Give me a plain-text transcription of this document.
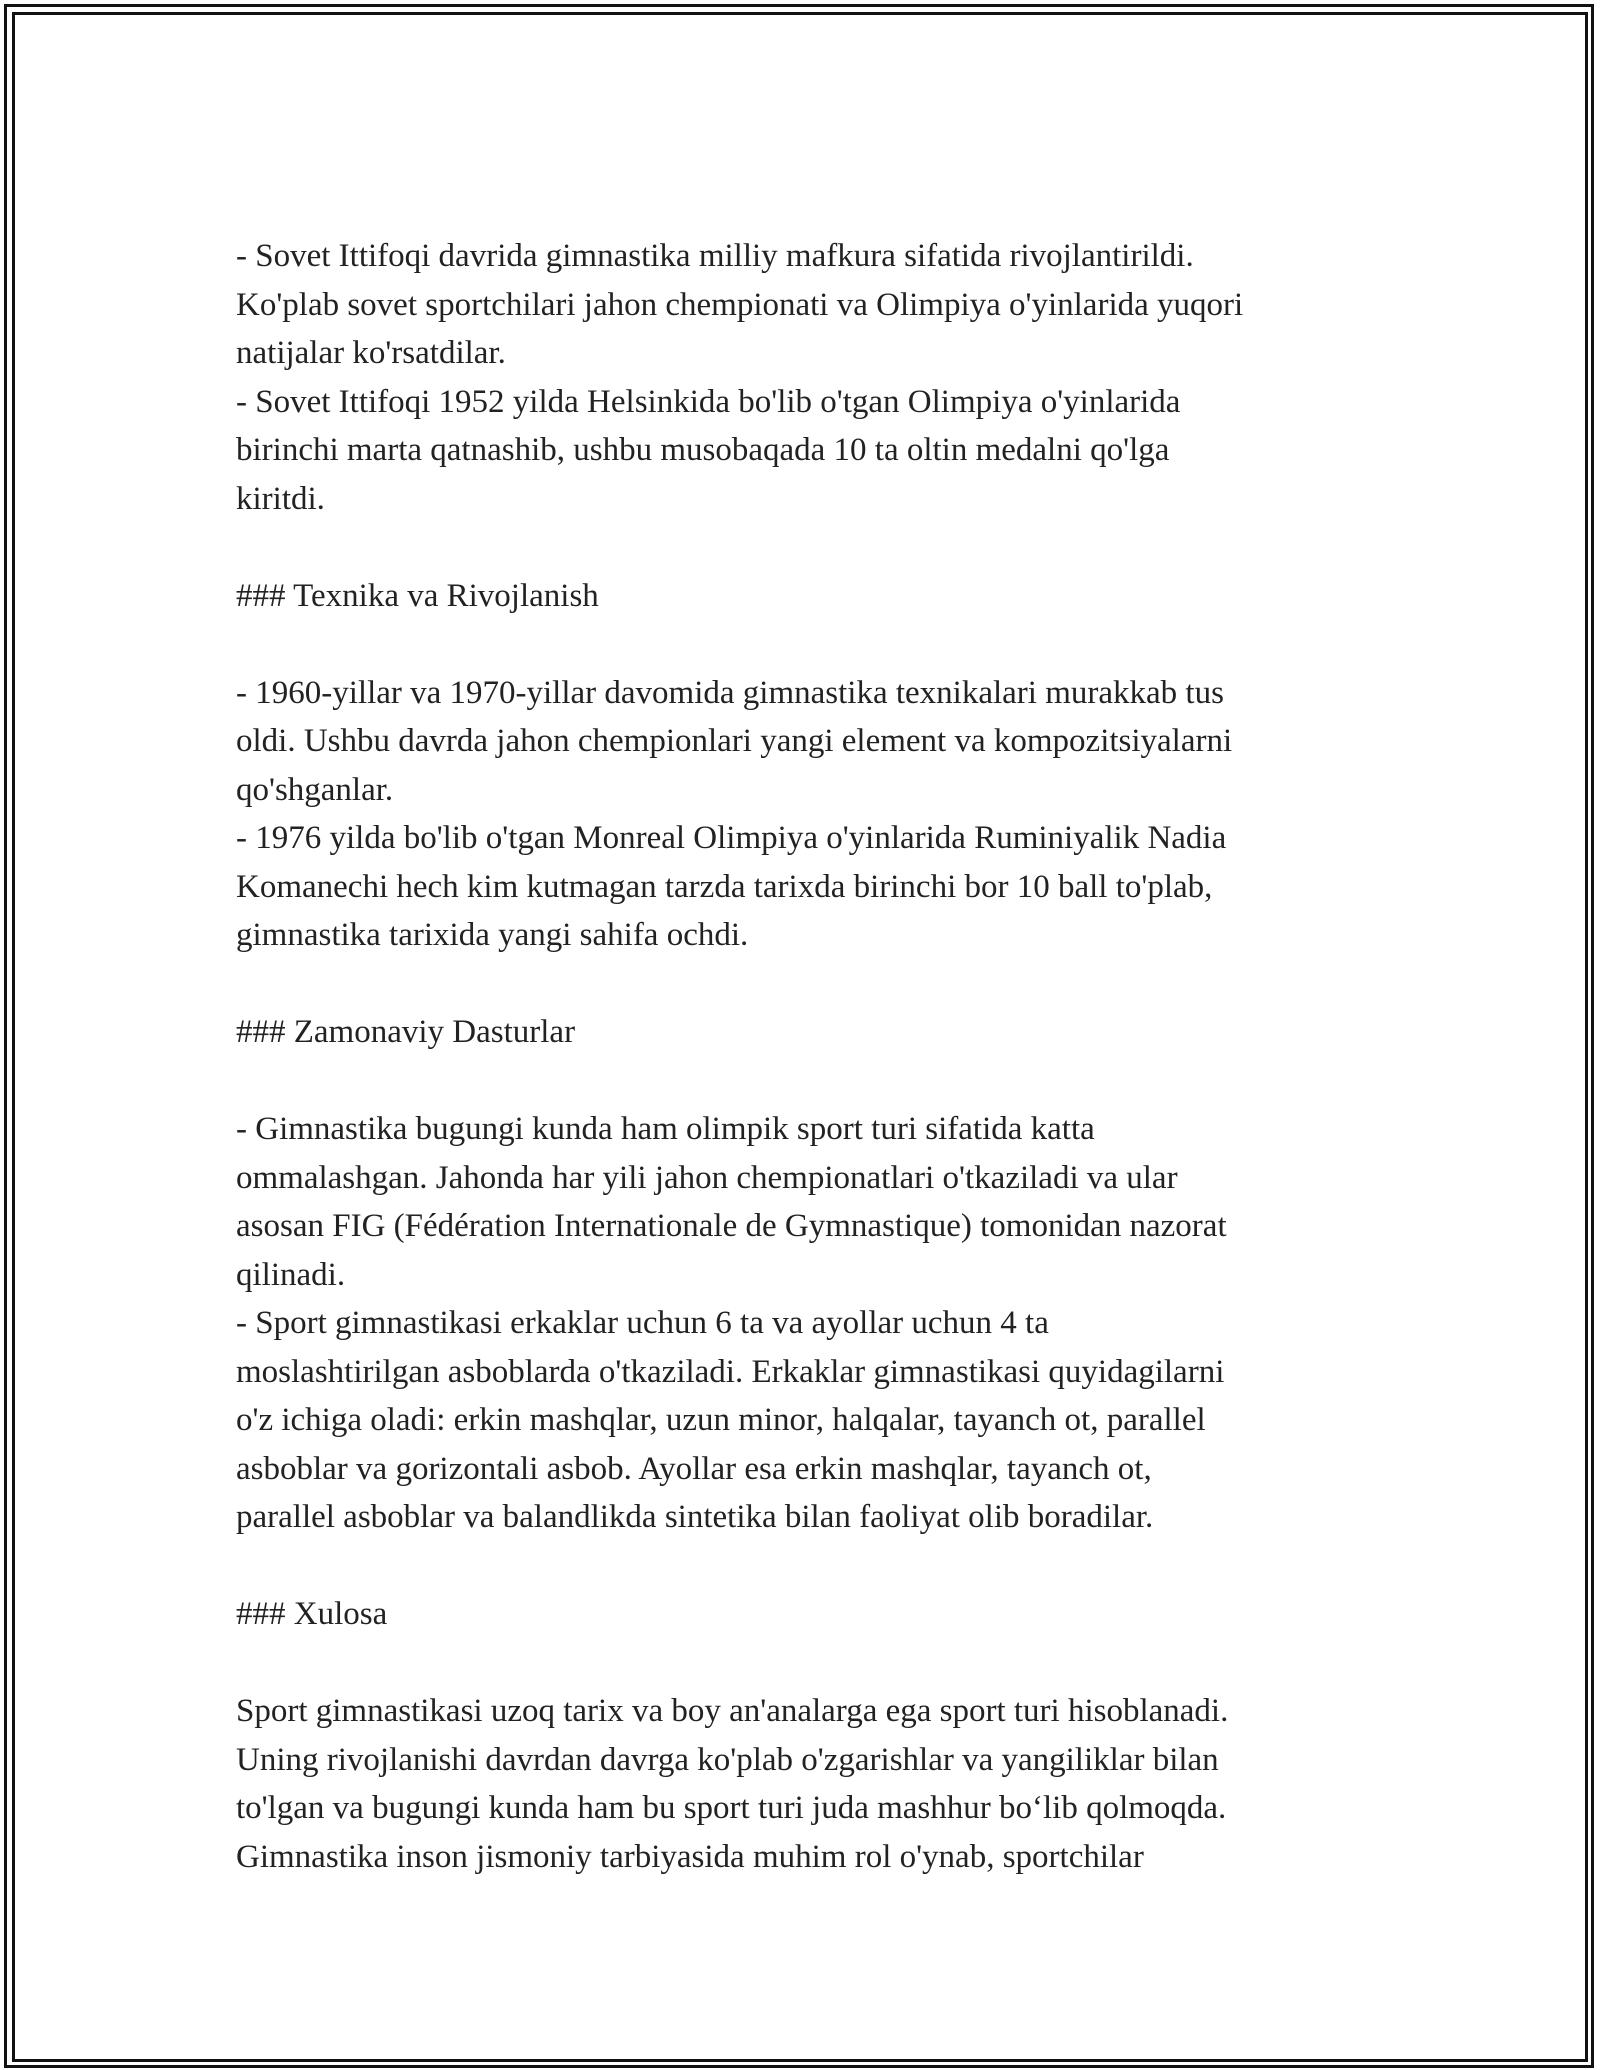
- Sovet Ittifoqi davrida gimnastika milliy mafkura sifatida rivojlantirildi.
Ko'plab sovet sportchilari jahon chempionati va Olimpiya o'yinlarida yuqori
natijalar ko'rsatdilar.
- Sovet Ittifoqi 1952 yilda Helsinkida bo'lib o'tgan Olimpiya o'yinlarida
birinchi marta qatnashib, ushbu musobaqada 10 ta oltin medalni qo'lga
kiritdi.
### Texnika va Rivojlanish
- 1960-yillar va 1970-yillar davomida gimnastika texnikalari murakkab tus
oldi. Ushbu davrda jahon chempionlari yangi element va kompozitsiyalarni
qo'shganlar.
- 1976 yilda bo'lib o'tgan Monreal Olimpiya o'yinlarida Ruminiyalik Nadia
Komanechi hech kim kutmagan tarzda tarixda birinchi bor 10 ball to'plab,
gimnastika tarixida yangi sahifa ochdi.
### Zamonaviy Dasturlar
- Gimnastika bugungi kunda ham olimpik sport turi sifatida katta
ommalashgan. Jahonda har yili jahon chempionatlari o'tkaziladi va ular
asosan FIG (Fédération Internationale de Gymnastique) tomonidan nazorat
qilinadi.
- Sport gimnastikasi erkaklar uchun 6 ta va ayollar uchun 4 ta
moslashtirilgan asboblarda o'tkaziladi. Erkaklar gimnastikasi quyidagilarni
o'z ichiga oladi: erkin mashqlar, uzun minor, halqalar, tayanch ot, parallel
asboblar va gorizontali asbob. Ayollar esa erkin mashqlar, tayanch ot,
parallel asboblar va balandlikda sintetika bilan faoliyat olib boradilar.
### Xulosa
Sport gimnastikasi uzoq tarix va boy an'analarga ega sport turi hisoblanadi.
Uning rivojlanishi davrdan davrga ko'plab o'zgarishlar va yangiliklar bilan
to'lgan va bugungi kunda ham bu sport turi juda mashhur bo‘lib qolmoqda.
Gimnastika inson jismoniy tarbiyasida muhim rol o'ynab, sportchilar
